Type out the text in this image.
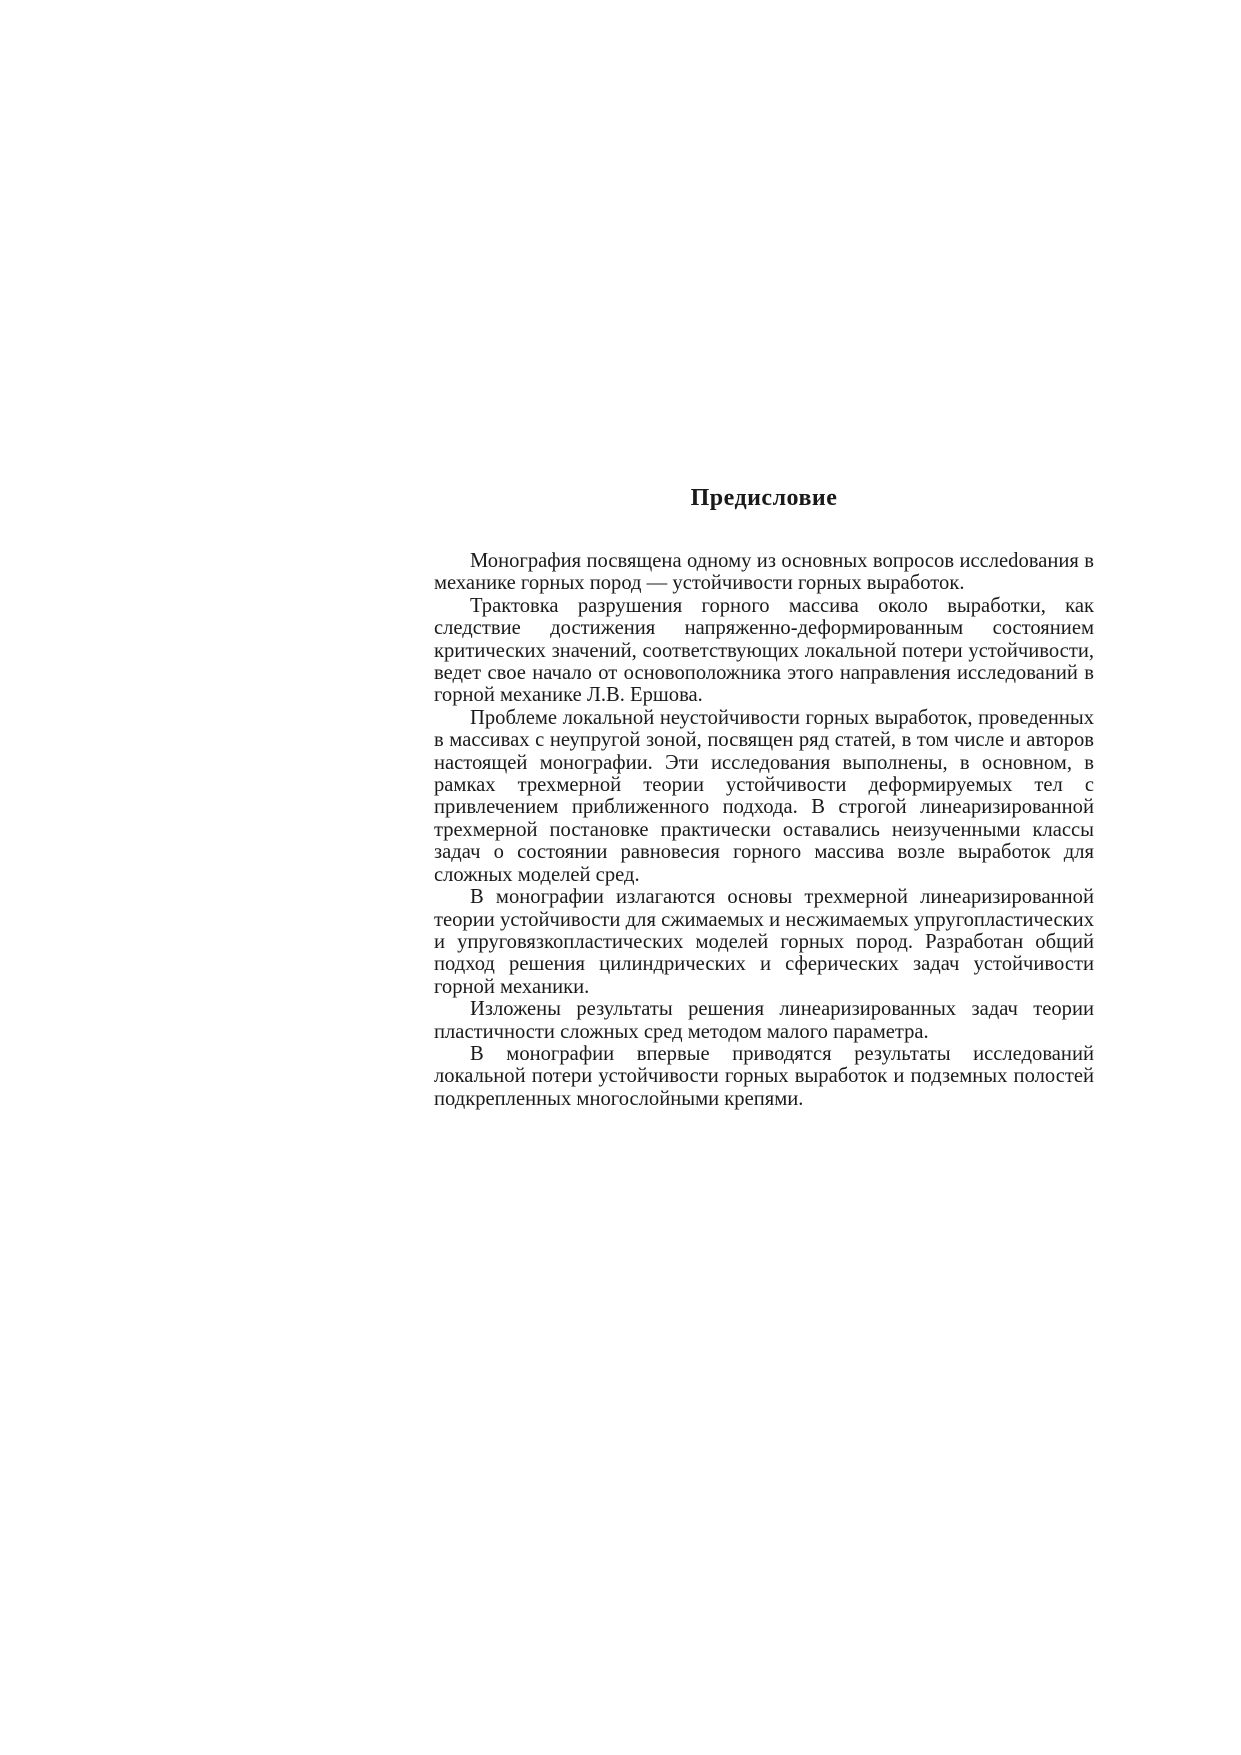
Предисловие

Монография посвящена одному из основных вопросов исслеdования в механике горных пород — устойчивости горных выработок.

Трактовка разрушения горного массива около выработки, как следствие достижения напряженно-деформированным состоянием критических значений, соответствующих локальной потери устойчивости, ведет свое начало от основоположника этого направления исследований в горной механике Л.В. Ершова.

Проблеме локальной неустойчивости горных выработок, проведенных в массивах с неупругой зоной, посвящен ряд статей, в том числе и авторов настоящей монографии. Эти исследования выполнены, в основном, в рамках трехмерной теории устойчивости деформируемых тел с привлечением приближенного подхода. В строгой линеаризированной трехмерной постановке практически оставались неизученными классы задач о состоянии равновесия горного массива возле выработок для сложных моделей сред.

В монографии излагаются основы трехмерной линеаризированной теории устойчивости для сжимаемых и несжимаемых упругопластических и упруговязкопластических моделей горных пород. Разработан общий подход решения цилиндрических и сферических задач устойчивости горной механики.

Изложены результаты решения линеаризированных задач теории пластичности сложных сред методом малого параметра.

В монографии впервые приводятся результаты исследований локальной потери устойчивости горных выработок и подземных полостей подкрепленных многослойными крепями.
